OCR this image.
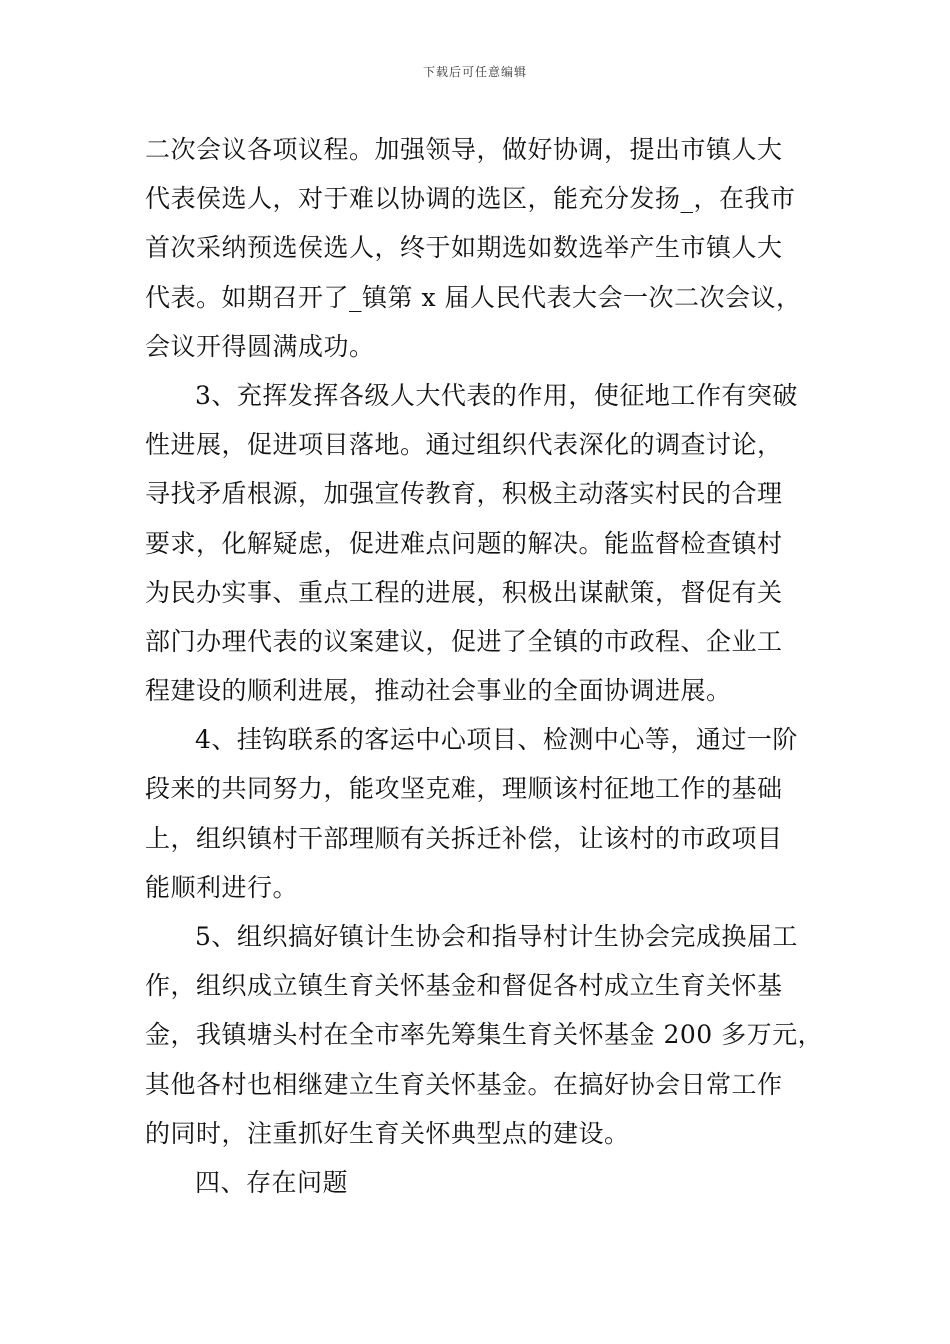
下载后可任意编辑
二次会议各项议程。加强领导，做好协调，提出市镇人大
代表侯选人，对于难以协调的选区，能充分发扬_，在我市
首次采纳预选侯选人，终于如期选如数选举产生市镇人大
代表。如期召开了_镇第 x 届人民代表大会一次二次会议，
会议开得圆满成功。
3、充挥发挥各级人大代表的作用，使征地工作有突破
性进展，促进项目落地。通过组织代表深化的调查讨论，
寻找矛盾根源，加强宣传教育，积极主动落实村民的合理
要求，化解疑虑，促进难点问题的解决。能监督检查镇村
为民办实事、重点工程的进展，积极出谋献策，督促有关
部门办理代表的议案建议，促进了全镇的市政程、企业工
程建设的顺利进展，推动社会事业的全面协调进展。
4、挂钩联系的客运中心项目、检测中心等，通过一阶
段来的共同努力，能攻坚克难，理顺该村征地工作的基础
上，组织镇村干部理顺有关拆迁补偿，让该村的市政项目
能顺利进行。
5、组织搞好镇计生协会和指导村计生协会完成换届工
作，组织成立镇生育关怀基金和督促各村成立生育关怀基
金，我镇塘头村在全市率先筹集生育关怀基金 200 多万元，
其他各村也相继建立生育关怀基金。在搞好协会日常工作
的同时，注重抓好生育关怀典型点的建设。
四、存在问题
